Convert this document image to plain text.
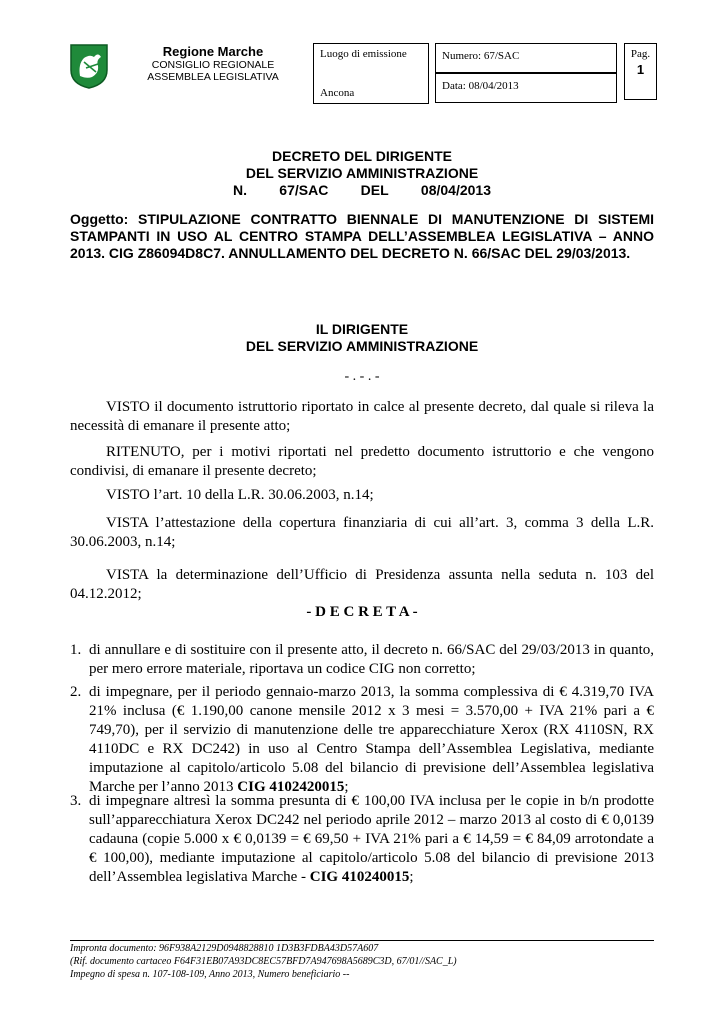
Regione Marche
CONSIGLIO REGIONALE
ASSEMBLEA LEGISLATIVA
Luogo di emissione
Ancona
Numero: 67/SAC
Data: 08/04/2013
Pag.
1
DECRETO DEL DIRIGENTE
DEL SERVIZIO AMMINISTRAZIONE
N. 67/SAC DEL 08/04/2013
Oggetto: STIPULAZIONE CONTRATTO BIENNALE DI MANUTENZIONE DI SISTEMI STAMPANTI IN USO AL CENTRO STAMPA DELL’ASSEMBLEA LEGISLATIVA – ANNO 2013. CIG Z86094D8C7. ANNULLAMENTO DEL DECRETO N. 66/SAC DEL 29/03/2013.
IL DIRIGENTE
DEL SERVIZIO AMMINISTRAZIONE
- . - . -
VISTO il documento istruttorio riportato in calce al presente decreto, dal quale si rileva la necessità di emanare il presente atto;
RITENUTO, per i motivi riportati nel predetto documento istruttorio e che vengono condivisi, di emanare il presente decreto;
VISTO l’art. 10 della L.R. 30.06.2003, n.14;
VISTA l’attestazione della copertura finanziaria di cui all’art. 3, comma 3 della L.R. 30.06.2003, n.14;
VISTA la determinazione dell’Ufficio di Presidenza assunta nella seduta n. 103 del 04.12.2012;
- D E C R E T A -
1. di annullare e di sostituire con il presente atto, il decreto n. 66/SAC del 29/03/2013 in quanto, per mero errore materiale, riportava un codice CIG non corretto;
2. di impegnare, per il periodo gennaio-marzo 2013, la somma complessiva di € 4.319,70 IVA 21% inclusa (€ 1.190,00 canone mensile 2012 x 3 mesi = 3.570,00 + IVA 21% pari a € 749,70), per il servizio di manutenzione delle tre apparecchiature Xerox (RX 4110SN, RX 4110DC e RX DC242) in uso al Centro Stampa dell’Assemblea Legislativa, mediante imputazione al capitolo/articolo 5.08 del bilancio di previsione dell’Assemblea legislativa Marche per l’anno 2013 CIG 4102420015;
3. di impegnare altresì la somma presunta di € 100,00 IVA inclusa per le copie in b/n prodotte sull’apparecchiatura Xerox DC242 nel periodo aprile 2012 – marzo 2013 al costo di € 0,0139 cadauna (copie 5.000 x € 0,0139 = € 69,50 + IVA 21% pari a € 14,59 = € 84,09 arrotondate a € 100,00), mediante imputazione al capitolo/articolo 5.08 del bilancio di previsione 2013 dell’Assemblea legislativa Marche - CIG 410240015;
Impronta documento: 96F938A2129D0948828810 1D3B3FDBA43D57A607
(Rif. documento cartaceo F64F31EB07A93DC8EC57BFD7A947698A5689C3D, 67/01//SAC_L)
Impegno di spesa n. 107-108-109, Anno 2013, Numero beneficiario --
